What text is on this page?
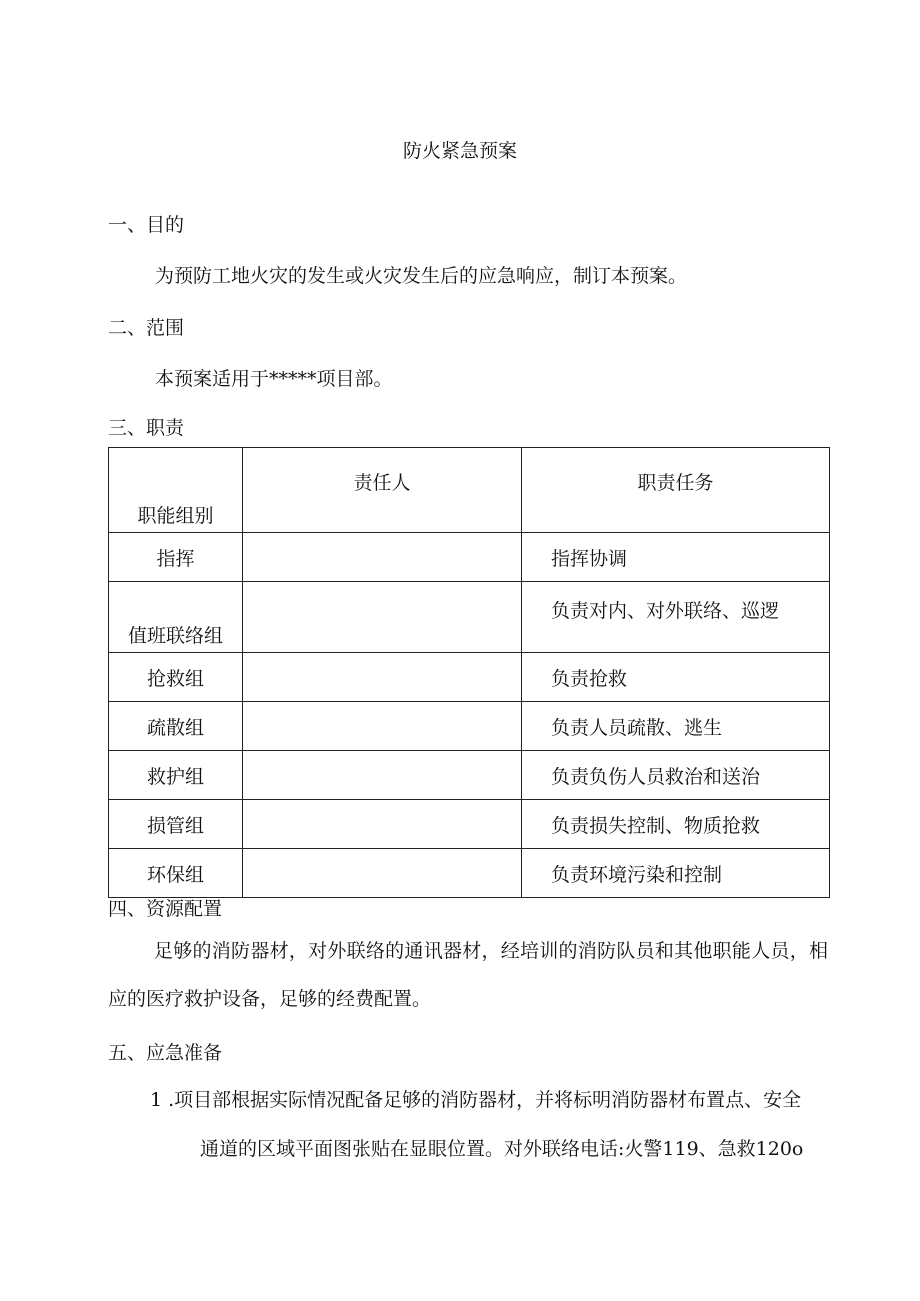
防火紧急预案
一、目的
为预防工地火灾的发生或火灾发生后的应急响应，制订本预案。
二、范围
本预案适用于*****项目部。
三、职责
职能组别	责任人	职责任务
指挥		指挥协调
值班联络组		负责对内、对外联络、巡逻
抢救组		负责抢救
疏散组		负责人员疏散、逃生
救护组		负责负伤人员救治和送治
损管组		负责损失控制、物质抢救
环保组		负责环境污染和控制
四、资源配置
足够的消防器材，对外联络的通讯器材，经培训的消防队员和其他职能人员，相应的医疗救护设备，足够的经费配置。
五、应急准备
1 .项目部根据实际情况配备足够的消防器材，并将标明消防器材布置点、安全
通道的区域平面图张贴在显眼位置。对外联络电话:火警119、急救120o
